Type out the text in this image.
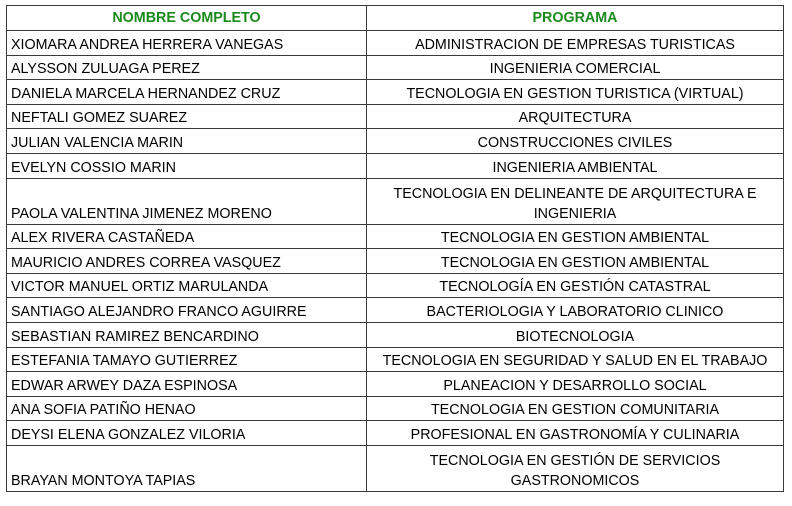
NOMBRE COMPLETO	PROGRAMA
XIOMARA ANDREA HERRERA VANEGAS	ADMINISTRACION DE EMPRESAS TURISTICAS
ALYSSON ZULUAGA PEREZ	INGENIERIA COMERCIAL
DANIELA MARCELA HERNANDEZ CRUZ	TECNOLOGIA EN GESTION TURISTICA (VIRTUAL)
NEFTALI GOMEZ SUAREZ	ARQUITECTURA
JULIAN VALENCIA MARIN	CONSTRUCCIONES CIVILES
EVELYN COSSIO MARIN	INGENIERIA AMBIENTAL
PAOLA VALENTINA JIMENEZ MORENO	TECNOLOGIA EN DELINEANTE DE ARQUITECTURA E INGENIERIA
ALEX RIVERA CASTAÑEDA	TECNOLOGIA EN GESTION AMBIENTAL
MAURICIO ANDRES CORREA VASQUEZ	TECNOLOGIA EN GESTION AMBIENTAL
VICTOR MANUEL ORTIZ MARULANDA	TECNOLOGÍA EN GESTIÓN CATASTRAL
SANTIAGO ALEJANDRO FRANCO AGUIRRE	BACTERIOLOGIA Y LABORATORIO CLINICO
SEBASTIAN RAMIREZ BENCARDINO	BIOTECNOLOGIA
ESTEFANIA TAMAYO GUTIERREZ	TECNOLOGIA EN SEGURIDAD Y SALUD EN EL TRABAJO
EDWAR ARWEY DAZA ESPINOSA	PLANEACION Y DESARROLLO SOCIAL
ANA SOFIA PATIÑO HENAO	TECNOLOGIA EN GESTION COMUNITARIA
DEYSI ELENA GONZALEZ VILORIA	PROFESIONAL EN GASTRONOMÍA Y CULINARIA
BRAYAN MONTOYA TAPIAS	TECNOLOGIA EN GESTIÓN DE SERVICIOS GASTRONOMICOS
